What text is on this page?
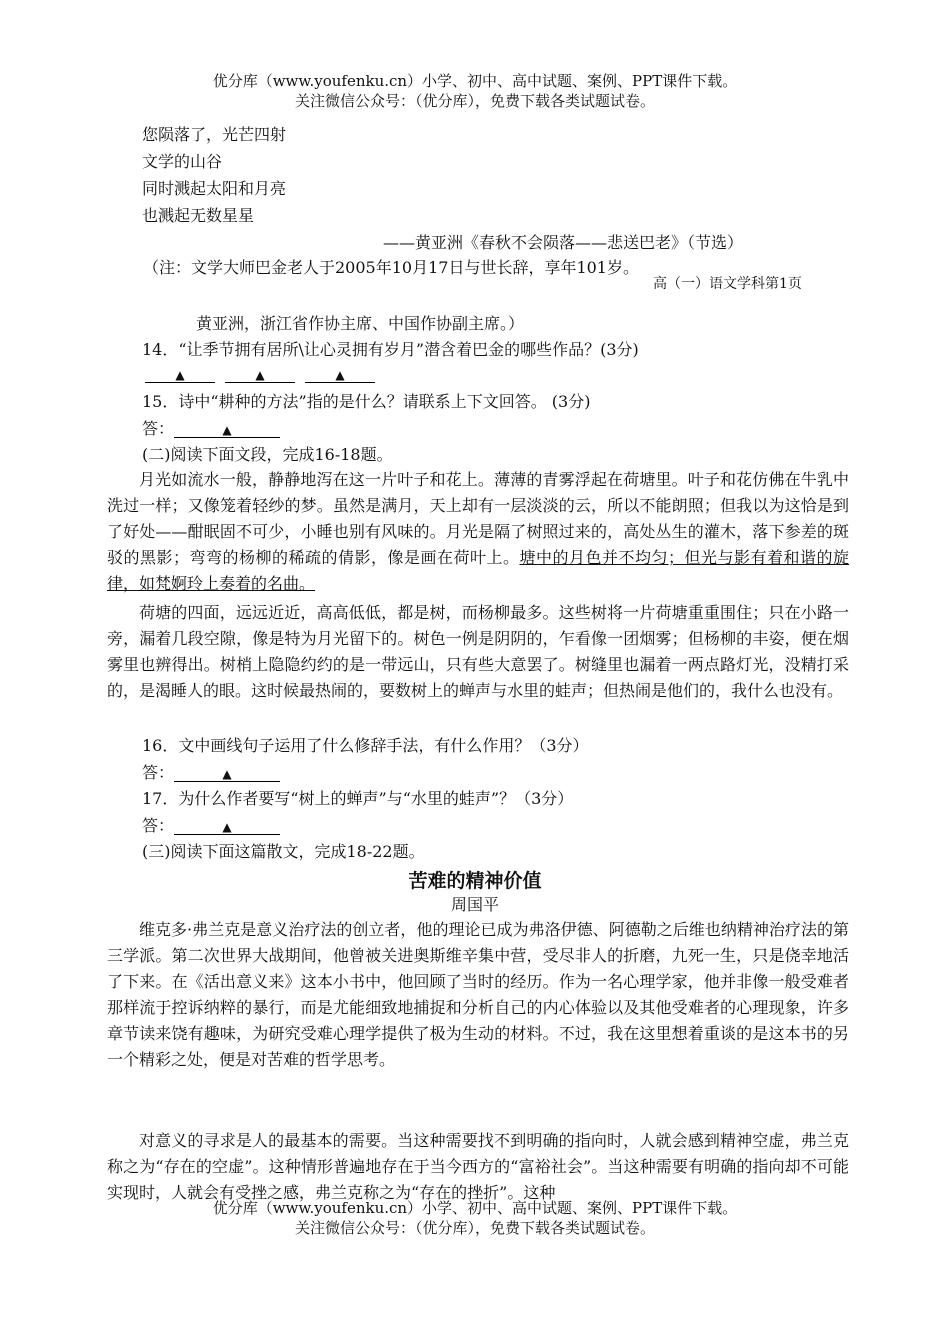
优分库（www.youfenku.cn）小学、初中、高中试题、案例、PPT课件下载。
关注微信公众号：（优分库），免费下载各类试题试卷。
您陨落了，光芒四射
文学的山谷
同时溅起太阳和月亮
也溅起无数星星
——黄亚洲《春秋不会陨落——悲送巴老》（节选）
（注：文学大师巴金老人于2005年10月17日与世长辞，享年101岁。
高（一）语文学科第1页
黄亚洲，浙江省作协主席、中国作协副主席。）
14．“让季节拥有居所\让心灵拥有岁月”潜含着巴金的哪些作品？(3分)
▲	▲	▲
15．诗中“耕种的方法”指的是什么？请联系上下文回答。 (3分)
答：	▲
(二)阅读下面文段，完成16-18题。
月光如流水一般，静静地泻在这一片叶子和花上。薄薄的青雾浮起在荷塘里。叶子和花仿佛在牛乳中洗过一样；又像笼着轻纱的梦。虽然是满月，天上却有一层淡淡的云，所以不能朗照；但我以为这恰是到了好处——酣眠固不可少，小睡也别有风味的。月光是隔了树照过来的，高处丛生的灌木，落下参差的斑驳的黑影；弯弯的杨柳的稀疏的倩影，像是画在荷叶上。塘中的月色并不均匀；但光与影有着和谐的旋律，如梵婀玲上奏着的名曲。
荷塘的四面，远远近近，高高低低，都是树，而杨柳最多。这些树将一片荷塘重重围住；只在小路一旁，漏着几段空隙，像是特为月光留下的。树色一例是阴阴的，乍看像一团烟雾；但杨柳的丰姿，便在烟雾里也辨得出。树梢上隐隐约约的是一带远山，只有些大意罢了。树缝里也漏着一两点路灯光，没精打采的，是渴睡人的眼。这时候最热闹的，要数树上的蝉声与水里的蛙声；但热闹是他们的，我什么也没有。
16．文中画线句子运用了什么修辞手法，有什么作用？（3分）
答：	▲
17．为什么作者要写“树上的蝉声”与“水里的蛙声”？（3分）
答：	▲
(三)阅读下面这篇散文，完成18-22题。
苦难的精神价值
周国平
维克多·弗兰克是意义治疗法的创立者，他的理论已成为弗洛伊德、阿德勒之后维也纳精神治疗法的第三学派。第二次世界大战期间，他曾被关进奥斯维辛集中营，受尽非人的折磨，九死一生，只是侥幸地活了下来。在《活出意义来》这本小书中，他回顾了当时的经历。作为一名心理学家，他并非像一般受难者那样流于控诉纳粹的暴行，而是尤能细致地捕捉和分析自己的内心体验以及其他受难者的心理现象，许多章节读来饶有趣味，为研究受难心理学提供了极为生动的材料。不过，我在这里想着重谈的是这本书的另一个精彩之处，便是对苦难的哲学思考。
对意义的寻求是人的最基本的需要。当这种需要找不到明确的指向时，人就会感到精神空虚，弗兰克称之为“存在的空虚”。这种情形普遍地存在于当今西方的“富裕社会”。当这种需要有明确的指向却不可能实现时，人就会有受挫之感，弗兰克称之为“存在的挫折”。这种
优分库（www.youfenku.cn）小学、初中、高中试题、案例、PPT课件下载。
关注微信公众号：（优分库），免费下载各类试题试卷。
